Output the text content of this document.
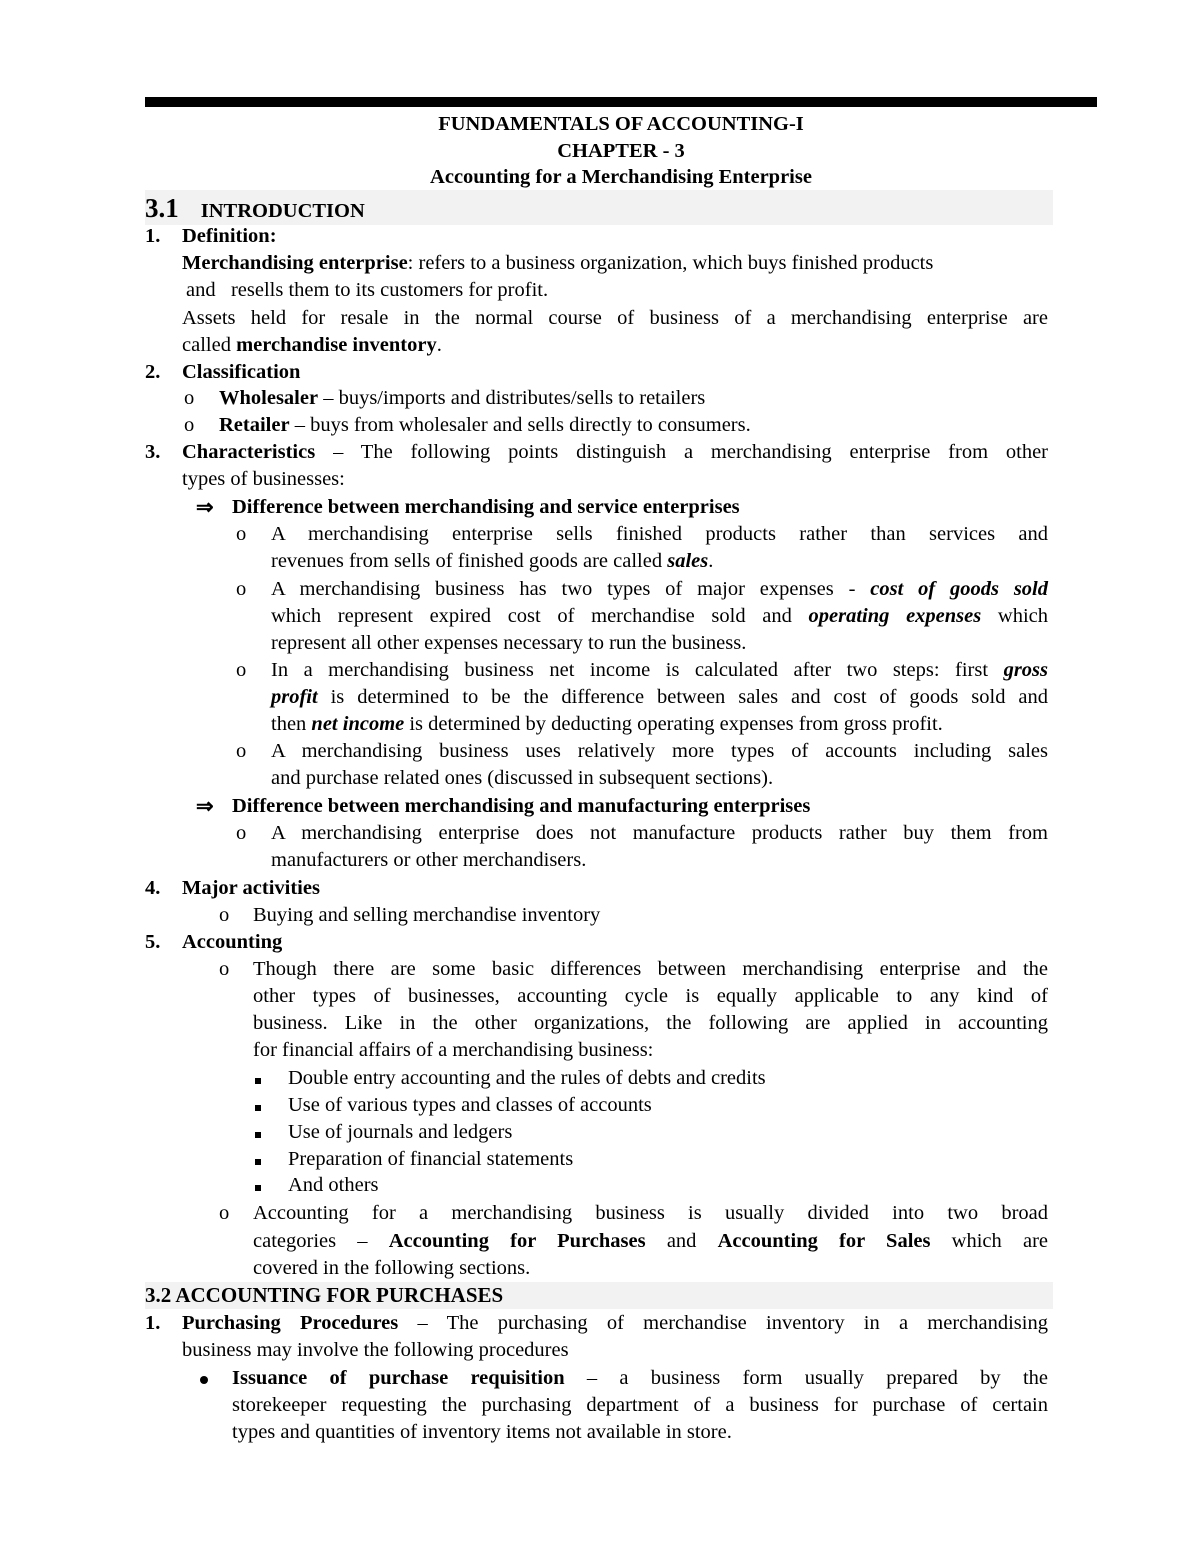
FUNDAMENTALS OF ACCOUNTING-I
CHAPTER - 3
Accounting for a Merchandising Enterprise
3.1 INTRODUCTION
1. Definition:
Merchandising enterprise: refers to a business organization, which buys finished products
and   resells them to its customers for profit.
Assets held for resale in the normal course of business of a merchandising enterprise are
called merchandise inventory.
2. Classification
o Wholesaler – buys/imports and distributes/sells to retailers
o Retailer – buys from wholesaler and sells directly to consumers.
3. Characteristics – The following points distinguish a merchandising enterprise from other
types of businesses:
⇒ Difference between merchandising and service enterprises
o A merchandising enterprise sells finished products rather than services and
revenues from sells of finished goods are called sales.
o A merchandising business has two types of major expenses - cost of goods sold
which represent expired cost of merchandise sold and operating expenses which
represent all other expenses necessary to run the business.
o In a merchandising business net income is calculated after two steps: first gross
profit is determined to be the difference between sales and cost of goods sold and
then net income is determined by deducting operating expenses from gross profit.
o A merchandising business uses relatively more types of accounts including sales
and purchase related ones (discussed in subsequent sections).
⇒ Difference between merchandising and manufacturing enterprises
o A merchandising enterprise does not manufacture products rather buy them from
manufacturers or other merchandisers.
4. Major activities
o Buying and selling merchandise inventory
5. Accounting
o Though there are some basic differences between merchandising enterprise and the
other types of businesses, accounting cycle is equally applicable to any kind of
business. Like in the other organizations, the following are applied in accounting
for financial affairs of a merchandising business:
Double entry accounting and the rules of debts and credits
Use of various types and classes of accounts
Use of journals and ledgers
Preparation of financial statements
And others
o Accounting for a merchandising business is usually divided into two broad
categories – Accounting for Purchases and Accounting for Sales which are
covered in the following sections.
3.2 ACCOUNTING FOR PURCHASES
1. Purchasing Procedures – The purchasing of merchandise inventory in a merchandising
business may involve the following procedures
Issuance of purchase requisition – a business form usually prepared by the
storekeeper requesting the purchasing department of a business for purchase of certain
types and quantities of inventory items not available in store.
